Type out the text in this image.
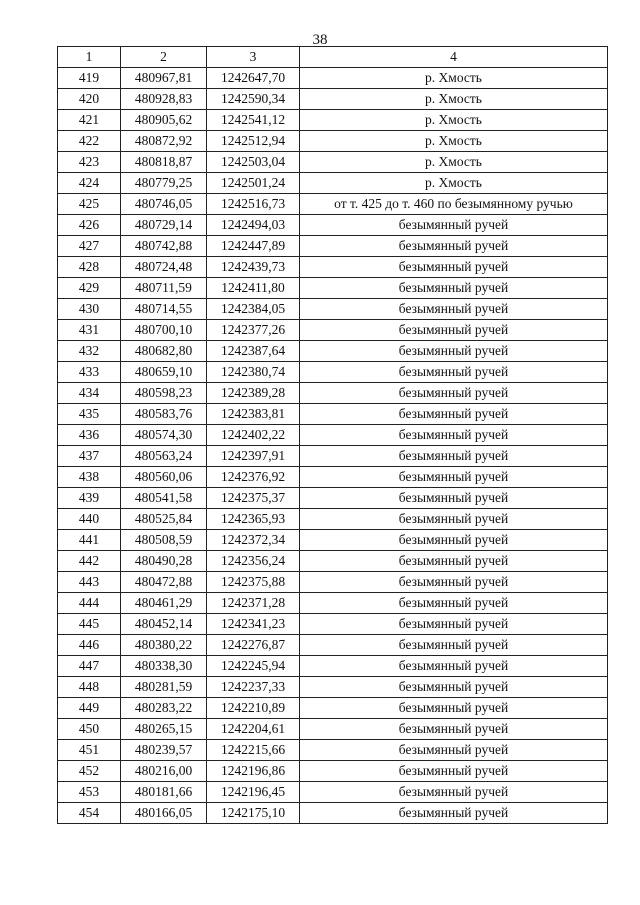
38
1	2	3	4
419	480967,81	1242647,70	р. Хмость
420	480928,83	1242590,34	р. Хмость
421	480905,62	1242541,12	р. Хмость
422	480872,92	1242512,94	р. Хмость
423	480818,87	1242503,04	р. Хмость
424	480779,25	1242501,24	р. Хмость
425	480746,05	1242516,73	от т. 425 до т. 460 по безымянному ручью
426	480729,14	1242494,03	безымянный ручей
427	480742,88	1242447,89	безымянный ручей
428	480724,48	1242439,73	безымянный ручей
429	480711,59	1242411,80	безымянный ручей
430	480714,55	1242384,05	безымянный ручей
431	480700,10	1242377,26	безымянный ручей
432	480682,80	1242387,64	безымянный ручей
433	480659,10	1242380,74	безымянный ручей
434	480598,23	1242389,28	безымянный ручей
435	480583,76	1242383,81	безымянный ручей
436	480574,30	1242402,22	безымянный ручей
437	480563,24	1242397,91	безымянный ручей
438	480560,06	1242376,92	безымянный ручей
439	480541,58	1242375,37	безымянный ручей
440	480525,84	1242365,93	безымянный ручей
441	480508,59	1242372,34	безымянный ручей
442	480490,28	1242356,24	безымянный ручей
443	480472,88	1242375,88	безымянный ручей
444	480461,29	1242371,28	безымянный ручей
445	480452,14	1242341,23	безымянный ручей
446	480380,22	1242276,87	безымянный ручей
447	480338,30	1242245,94	безымянный ручей
448	480281,59	1242237,33	безымянный ручей
449	480283,22	1242210,89	безымянный ручей
450	480265,15	1242204,61	безымянный ручей
451	480239,57	1242215,66	безымянный ручей
452	480216,00	1242196,86	безымянный ручей
453	480181,66	1242196,45	безымянный ручей
454	480166,05	1242175,10	безымянный ручей
